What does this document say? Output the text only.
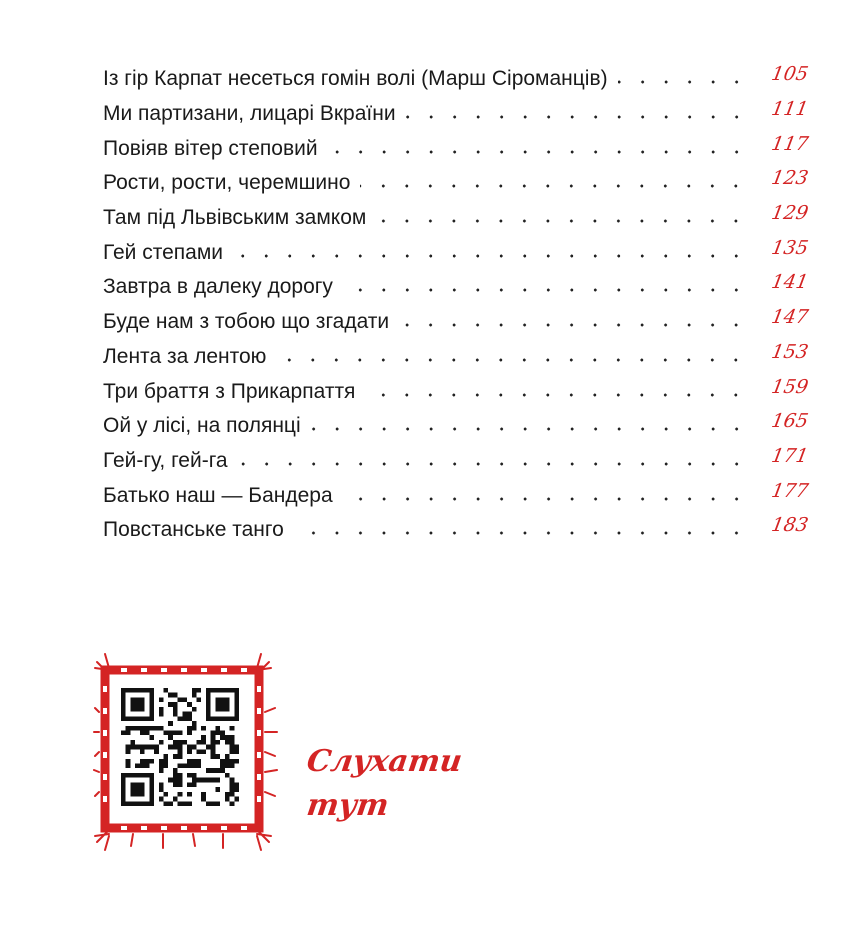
Із гір Карпат несеться гомін волі (Марш Сіроманців)	105
Ми партизани, лицарі Вкраїни	111
Повіяв вітер степовий	117
Рости, рости, черемшино	123
Там під Львівським замком	129
Гей степами	135
Завтра в далеку дорогу	141
Буде нам з тобою що згадати	147
Лента за лентою	153
Три браття з Прикарпаття	159
Ой у лісі, на полянці	165
Гей-гу, гей-га	171
Батько наш — Бандера	177
Повстанське танго	183
Слухати
тут
